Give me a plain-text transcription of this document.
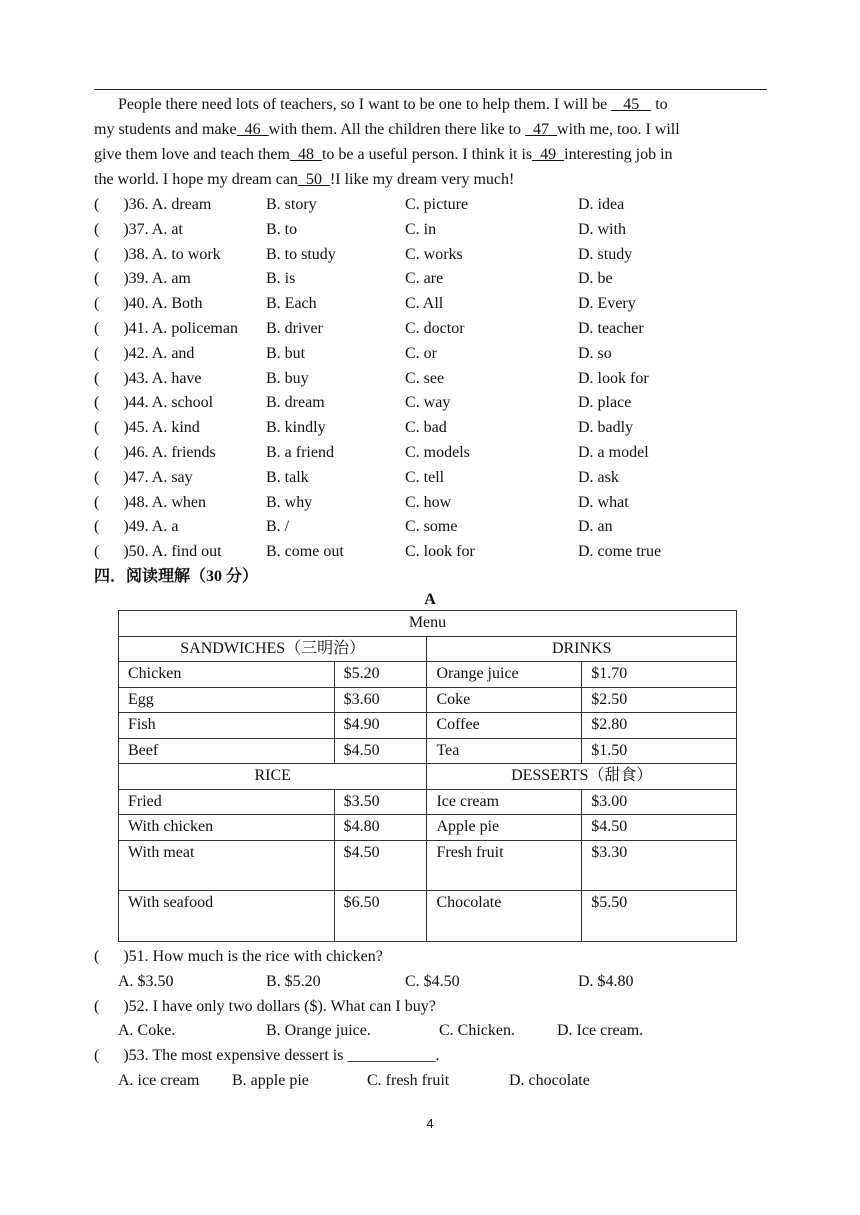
People there need lots of teachers, so I want to be one to help them. I will be    45    to
my students and make  46  with them. All the children there like to   47  with me, too. I will
give them love and teach them  48  to be a useful person. I think it is  49  interesting job in
the world. I hope my dream can  50  !I like my dream very much!
(      )36. A. dream	B. story	C. picture	D. idea
(      )37. A. at	B. to	C. in	D. with
(      )38. A. to work	B. to study	C. works	D. study
(      )39. A. am	B. is	C. are	D. be
(      )40. A. Both	B. Each	C. All	D. Every
(      )41. A. policeman B. driver	C. doctor	D. teacher
(      )42. A. and	B. but	C. or	D. so
(      )43. A. have	B. buy	C. see	D. look for
(      )44. A. school	B. dream	C. way	D. place
(      )45. A. kind	B. kindly	C. bad	D. badly
(      )46. A. friends	B. a friend	C. models	D. a model
(      )47. A. say	B. talk	C. tell	D. ask
(      )48. A. when	B. why	C. how	D. what
(      )49. A. a	B. /	C. some	D. an
(      )50. A. find out	B. come out	C. look for	D. come true
四．阅读理解（30 分）
A
Menu			
SANDWICHES（三明治）		DRINKS	
Chicken	$5.20	Orange juice	$1.70
Egg	$3.60	Coke	$2.50
Fish	$4.90	Coffee	$2.80
Beef	$4.50	Tea	$1.50
RICE		DESSERTS（甜食）	
Fried	$3.50	Ice cream	$3.00
With chicken	$4.80	Apple pie	$4.50
With meat	$4.50	Fresh fruit	$3.30
With seafood	$6.50	Chocolate	$5.50
(      )51. How much is the rice with chicken?
A. $3.50	B. $5.20	C. $4.50	D. $4.80
(      )52. I have only two dollars ($). What can I buy?
A. Coke.	B. Orange juice.	C. Chicken.	D. Ice cream.
(      )53. The most expensive dessert is ___________.
A. ice cream B. apple pie	C. fresh fruit	D. chocolate
4
